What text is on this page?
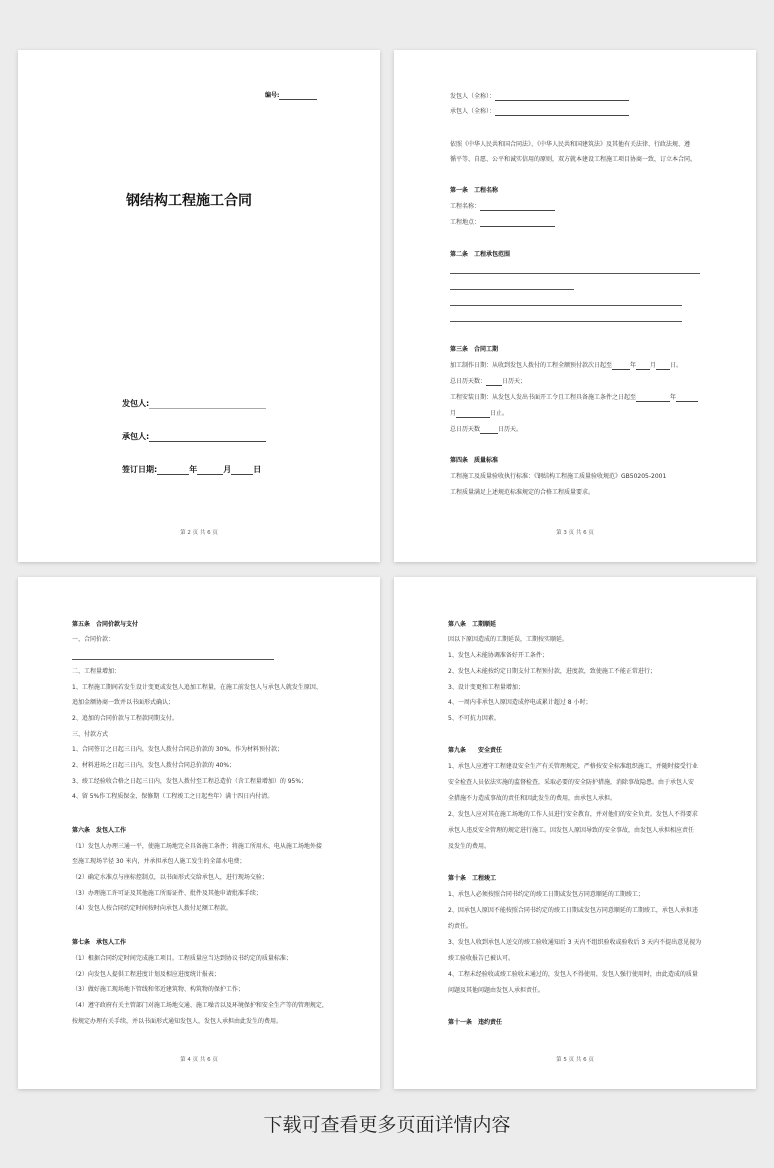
编号:
钢结构工程施工合同
发包人:
承包人:
签订日期:	年	月	日
第 2 页 共 6 页
发包人（全称）：
承包人（全称）：
依照《中华人民共和国合同法》、《中华人民共和国建筑法》及其他有关法律、行政法规、遵
循平等、自愿、公平和诚实信用的原则，双方就本建设工程施工项目协商一致，订立本合同。
第一条　工程名称
工程名称：
工程地点：
第二条　工程承包范围
第三条　合同工期
加工制作日期：从收到发包人拨付的工程全额预付款次日起至	年 月 日。
总日历天数：	日历天；
工程安装日期：从发包人发出书面开工令且工程具备施工条件之日起至	年
月	日止。
总日历天数	日历天。
第四条　质量标准
工程施工及质量验收执行标准：《钢结构工程施工质量验收规范》GB50205-2001
工程质量满足上述规范标准规定的合格工程质量要求。
第 3 页 共 6 页
第五条　合同价款与支付
一、合同价款：
二、工程量增加：
1、工程施工期间若发生设计变更或发包人追加工程量，在施工前发包人与承包人就发生原因、
追加金额协商一致并以书面形式确认；
2、追加的合同价款与工程款同期支付。
三、付款方式
1、合同签订之日起三日内，发包人拨付合同总价款的 30%，作为材料预付款；
2、材料进场之日起三日内，发包人拨付合同总价款的 40%；
3、竣工经验收合格之日起三日内，发包人拨付至工程总造价（含工程量增加）的 95%；
4、留 5%作工程质保金，保修期（工程竣工之日起叁年）满十四日内付清。
第六条　发包人工作
（1）发包人办理三通一平，使施工场地完全具备施工条件；将施工所用水、电从施工场地外接
至施工现场半径 30 米内，并承担承包人施工发生的全部水电费；
（2）确定水准点与座标控制点，以书面形式交给承包人，进行现场交验；
（3）办理施工许可证及其他施工所需证件、批件及其他申请批准手续；
（4）发包人按合同约定时间按时向承包人拨付足额工程款。
第七条　承包人工作
（1）根据合同约定时间完成施工项目。工程质量应当达到协议书约定的质量标准；
（2）向发包人提供工程进度计划及相应进度统计报表；
（3）做好施工现场地下管线和邻近建筑物、构筑物的保护工作；
（4）遵守政府有关主管部门对施工场地交通、施工噪音以及环境保护和安全生产等的管理规定，
按规定办理有关手续，并以书面形式通知发包人，发包人承担由此发生的费用。
第 4 页 共 6 页
第八条　工期顺延
因以下原因造成的工期延误，工期按实顺延。
1、发包人未能协调准备好开工条件；
2、发包人未能按约定日期支付工程预付款，进度款，致使施工不能正常进行；
3、设计变更和工程量增加；
4、一周内非承包人原因造成停电或累计超过 8 小时；
5、不可抗力因素。
第九条　　安全责任
1、承包人应遵守工程建设安全生产有关管理规定，严格按安全标准组织施工，并随时接受行业
安全检查人员依法实施的监督检查，采取必要的安全防护措施，消除事故隐患。由于承包人安
全措施不力造成事故的责任和因此发生的费用，由承包人承担。
2、发包人应对其在施工场地的工作人员进行安全教育，并对他们的安全负责。发包人不得要求
承包人违反安全管理的规定进行施工。因发包人原因导致的安全事故，由发包人承担相应责任
及发生的费用。
第十条　工程竣工
1、承包人必须按照合同书约定的竣工日期或发包方同意顺延的工期竣工；
2、因承包人原因不能按照合同书约定的竣工日期或发包方同意顺延的工期竣工，承包人承担违
约责任。
3、发包人收到承包人送交的竣工验收通知后 3 天内不组织验收或验收后 3 天内不提出意见视为
竣工验收报告已被认可。
4、工程未经验收或竣工验收未通过的，发包人不得使用，发包人强行使用时，由此造成的质量
问题及其他问题由发包人承担责任。
第十一条　违约责任
第 5 页 共 6 页
下载可查看更多页面详情内容
